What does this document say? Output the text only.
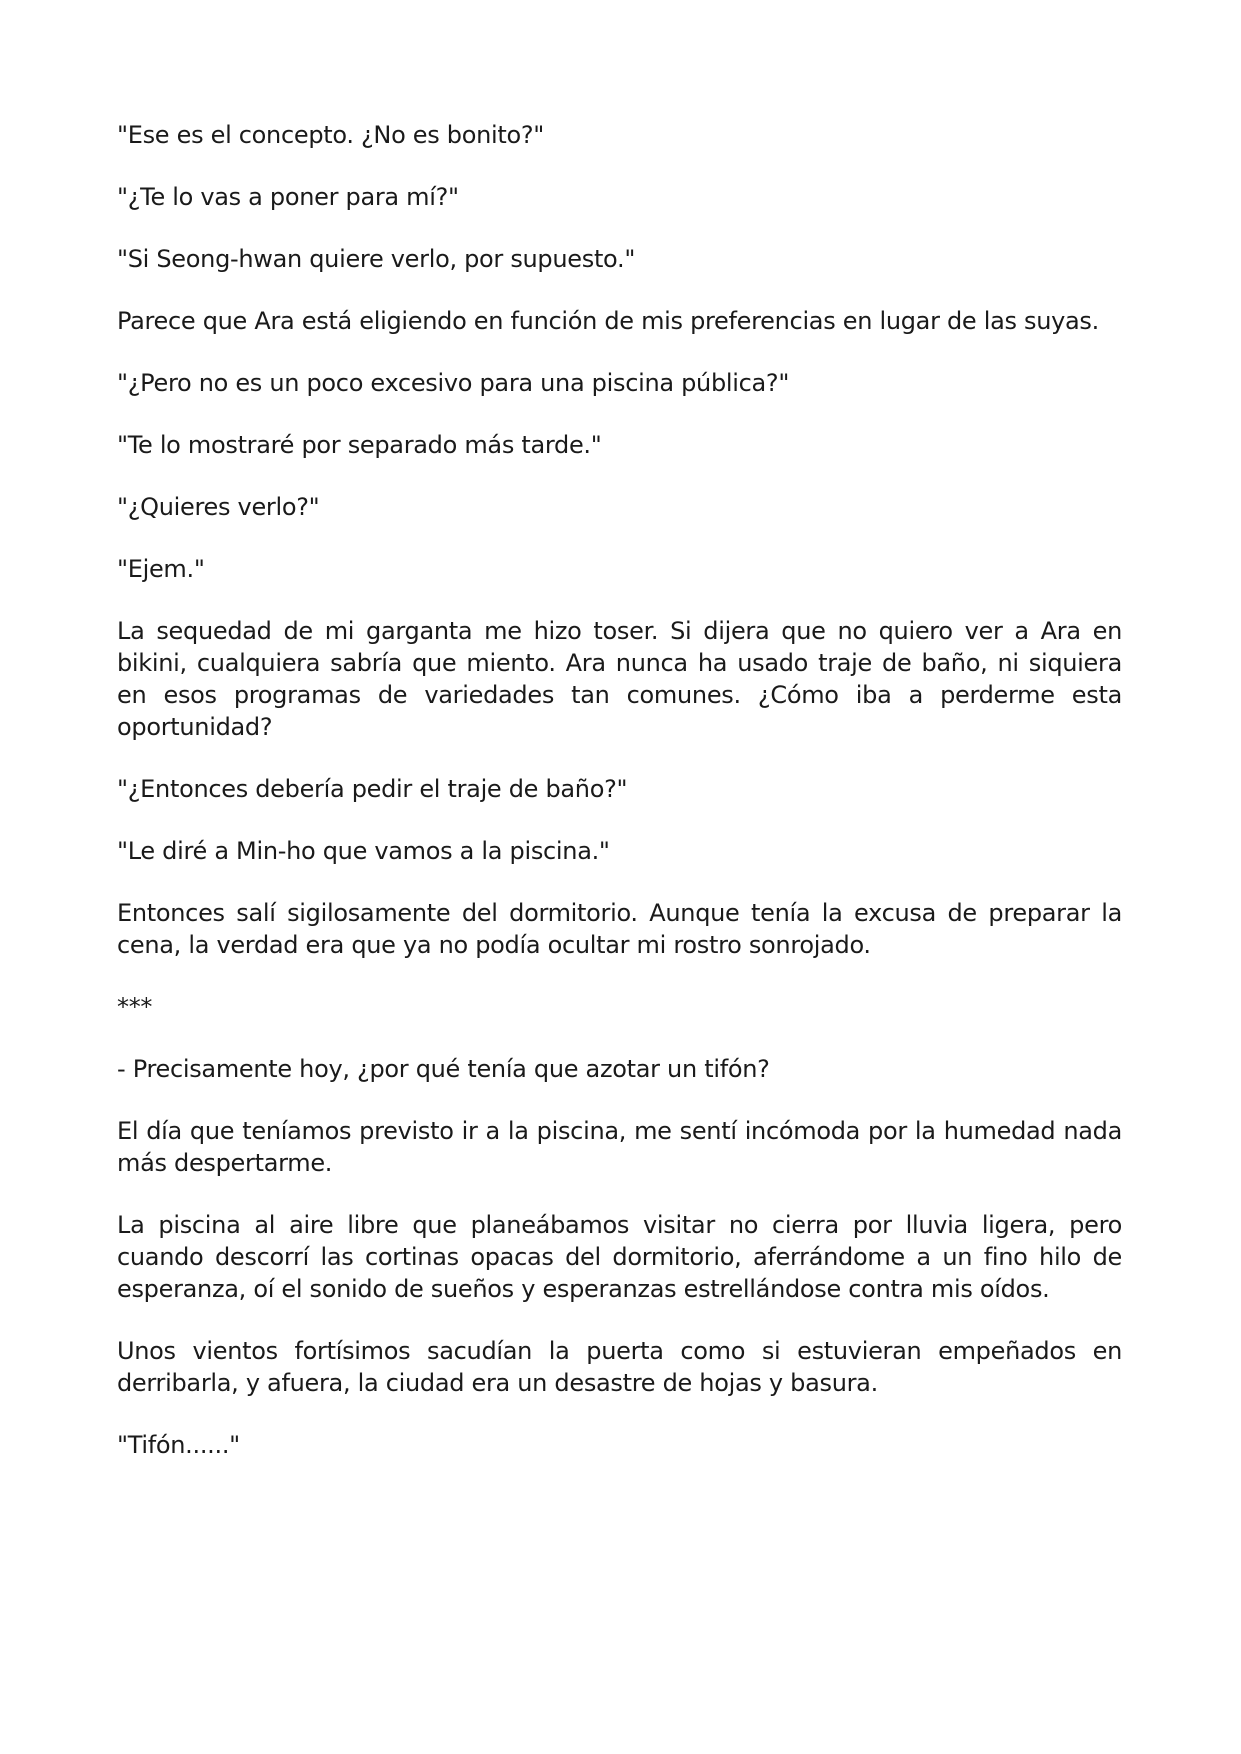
"Ese es el concepto. ¿No es bonito?"

"¿Te lo vas a poner para mí?"

"Si Seong-hwan quiere verlo, por supuesto."

Parece que Ara está eligiendo en función de mis preferencias en lugar de las suyas.

"¿Pero no es un poco excesivo para una piscina pública?"

"Te lo mostraré por separado más tarde."

"¿Quieres verlo?"

"Ejem."

La sequedad de mi garganta me hizo toser. Si dijera que no quiero ver a Ara en bikini, cualquiera sabría que miento. Ara nunca ha usado traje de baño, ni siquiera en esos programas de variedades tan comunes. ¿Cómo iba a perderme esta oportunidad?

"¿Entonces debería pedir el traje de baño?"

"Le diré a Min-ho que vamos a la piscina."

Entonces salí sigilosamente del dormitorio. Aunque tenía la excusa de preparar la cena, la verdad era que ya no podía ocultar mi rostro sonrojado.

***

- Precisamente hoy, ¿por qué tenía que azotar un tifón?

El día que teníamos previsto ir a la piscina, me sentí incómoda por la humedad nada más despertarme.

La piscina al aire libre que planeábamos visitar no cierra por lluvia ligera, pero cuando descorrí las cortinas opacas del dormitorio, aferrándome a un fino hilo de esperanza, oí el sonido de sueños y esperanzas estrellándose contra mis oídos.

Unos vientos fortísimos sacudían la puerta como si estuvieran empeñados en derribarla, y afuera, la ciudad era un desastre de hojas y basura.

"Tifón......"
